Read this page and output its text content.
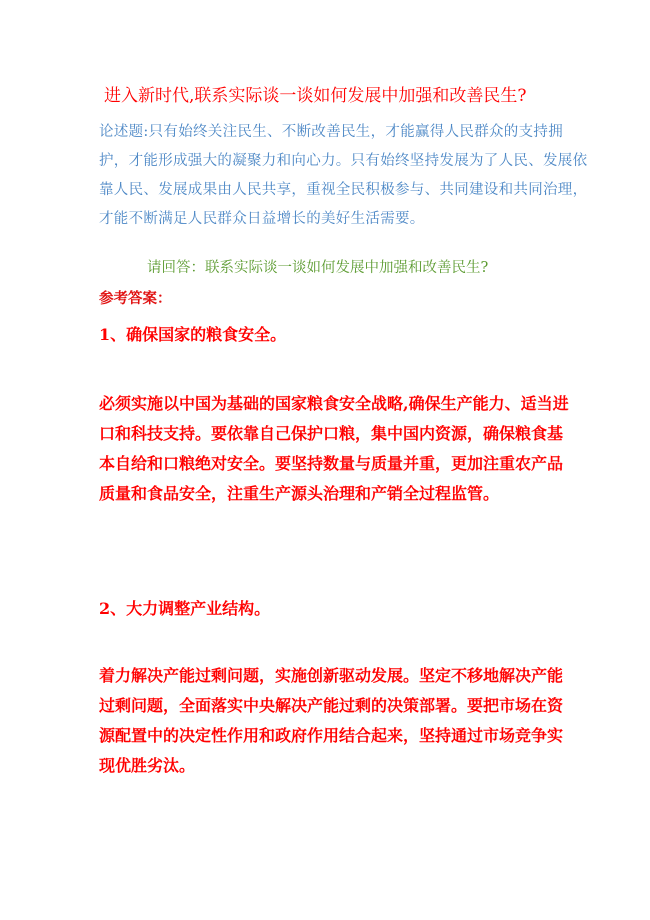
进入新时代,联系实际谈一谈如何发展中加强和改善民生?
论述题:只有始终关注民生、不断改善民生，才能赢得人民群众的支持拥护，才能形成强大的凝聚力和向心力。只有始终坚持发展为了人民、发展依靠人民、发展成果由人民共享，重视全民积极参与、共同建设和共同治理，才能不断满足人民群众日益增长的美好生活需要。
请回答：联系实际谈一谈如何发展中加强和改善民生?
参考答案：
1、确保国家的粮食安全。
必须实施以中国为基础的国家粮食安全战略,确保生产能力、适当进口和科技支持。要依靠自己保护口粮，集中国内资源，确保粮食基本自给和口粮绝对安全。要坚持数量与质量并重，更加注重农产品质量和食品安全，注重生产源头治理和产销全过程监管。
2、大力调整产业结构。
着力解决产能过剩问题，实施创新驱动发展。坚定不移地解决产能过剩问题，全面落实中央解决产能过剩的决策部署。要把市场在资源配置中的决定性作用和政府作用结合起来，坚持通过市场竞争实现优胜劣汰。
